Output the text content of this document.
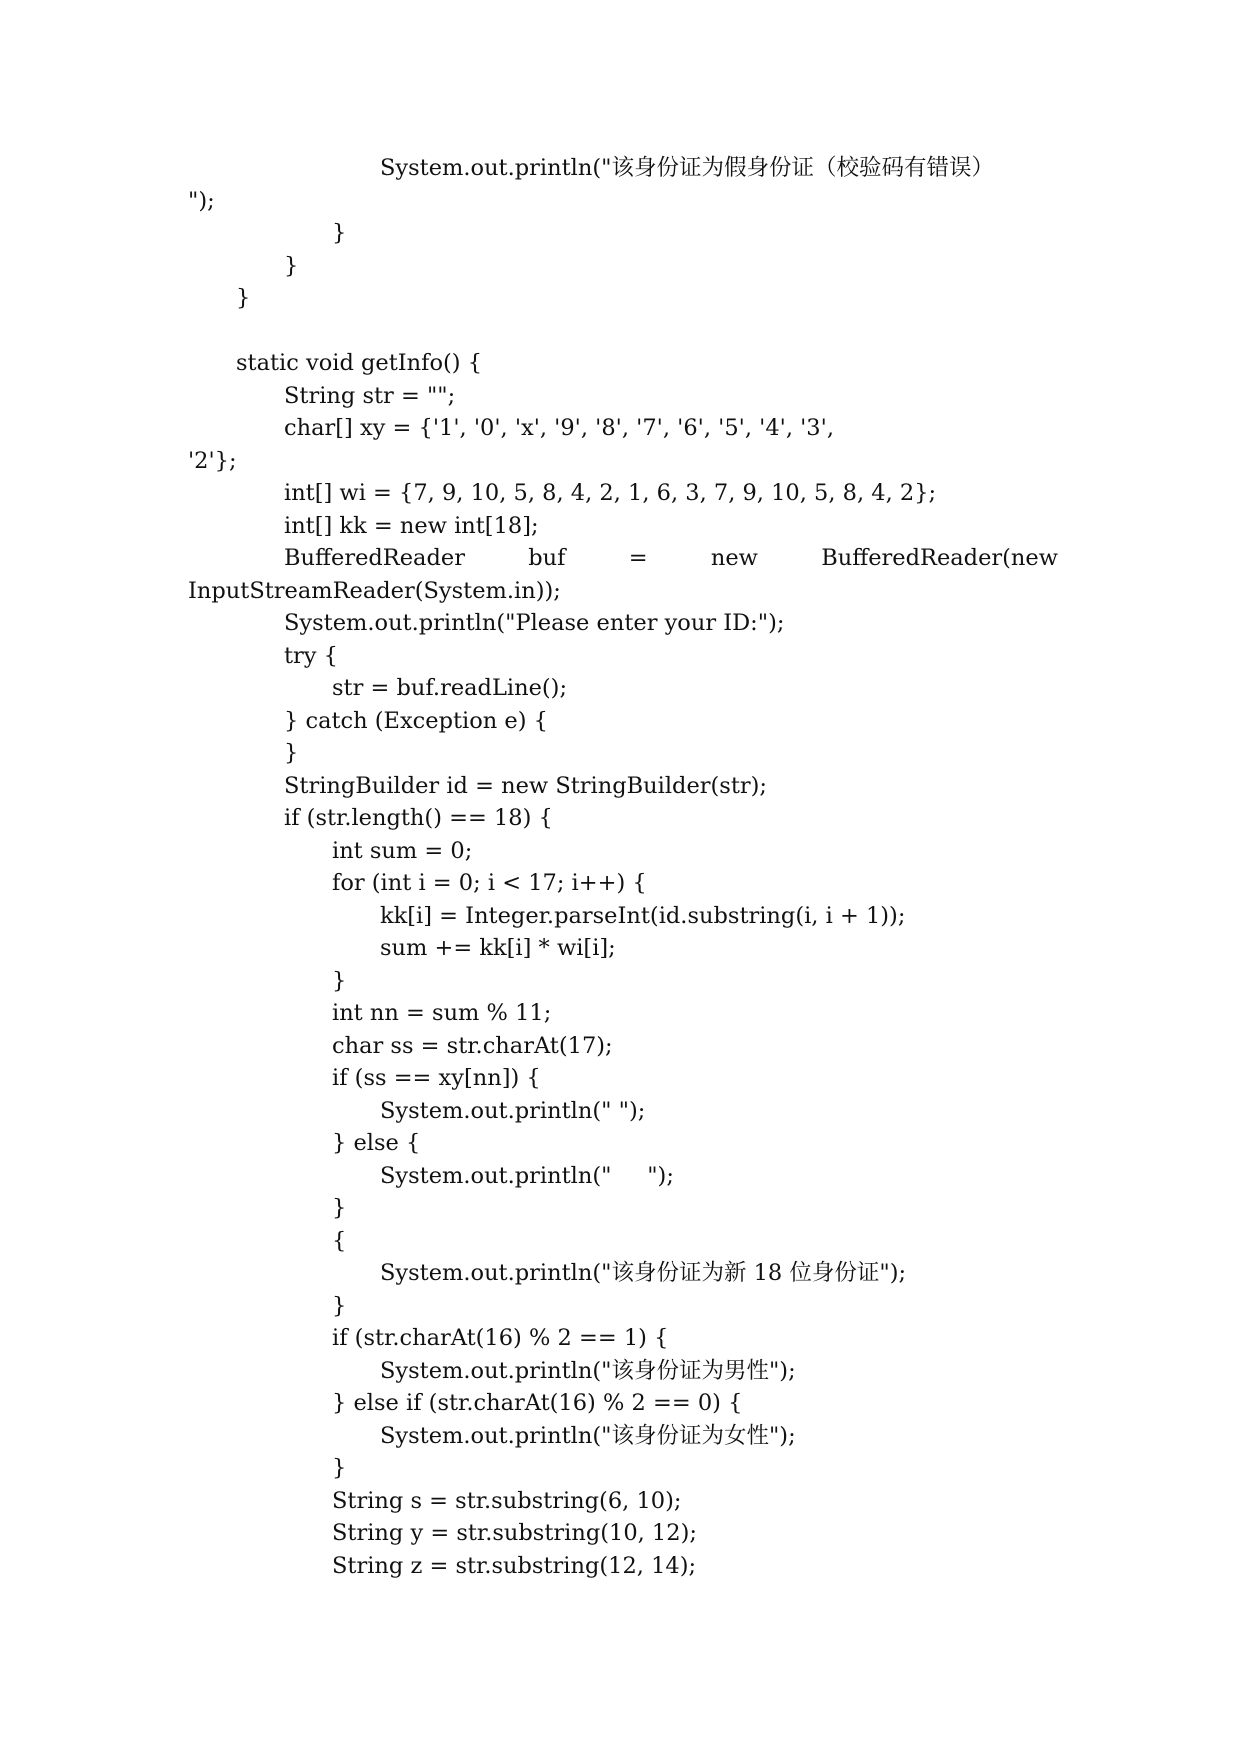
System.out.println("该身份证为假身份证（校验码有错误）
");
}
}
}
static void getInfo() {
String str = "";
char[] xy = {'1', '0', 'x', '9', '8', '7', '6', '5', '4', '3',
'2'};
int[] wi = {7, 9, 10, 5, 8, 4, 2, 1, 6, 3, 7, 9, 10, 5, 8, 4, 2};
int[] kk = new int[18];
BufferedReader buf = new BufferedReader(new
InputStreamReader(System.in));
System.out.println("Please enter your ID:");
try {
str = buf.readLine();
} catch (Exception e) {
}
StringBuilder id = new StringBuilder(str);
if (str.length() == 18) {
int sum = 0;
for (int i = 0; i < 17; i++) {
kk[i] = Integer.parseInt(id.substring(i, i + 1));
sum += kk[i] * wi[i];
}
int nn = sum % 11;
char ss = str.charAt(17);
if (ss == xy[nn]) {
System.out.println(" ");
} else {
System.out.println("     ");
}
{
System.out.println("该身份证为新 18 位身份证");
}
if (str.charAt(16) % 2 == 1) {
System.out.println("该身份证为男性");
} else if (str.charAt(16) % 2 == 0) {
System.out.println("该身份证为女性");
}
String s = str.substring(6, 10);
String y = str.substring(10, 12);
String z = str.substring(12, 14);
